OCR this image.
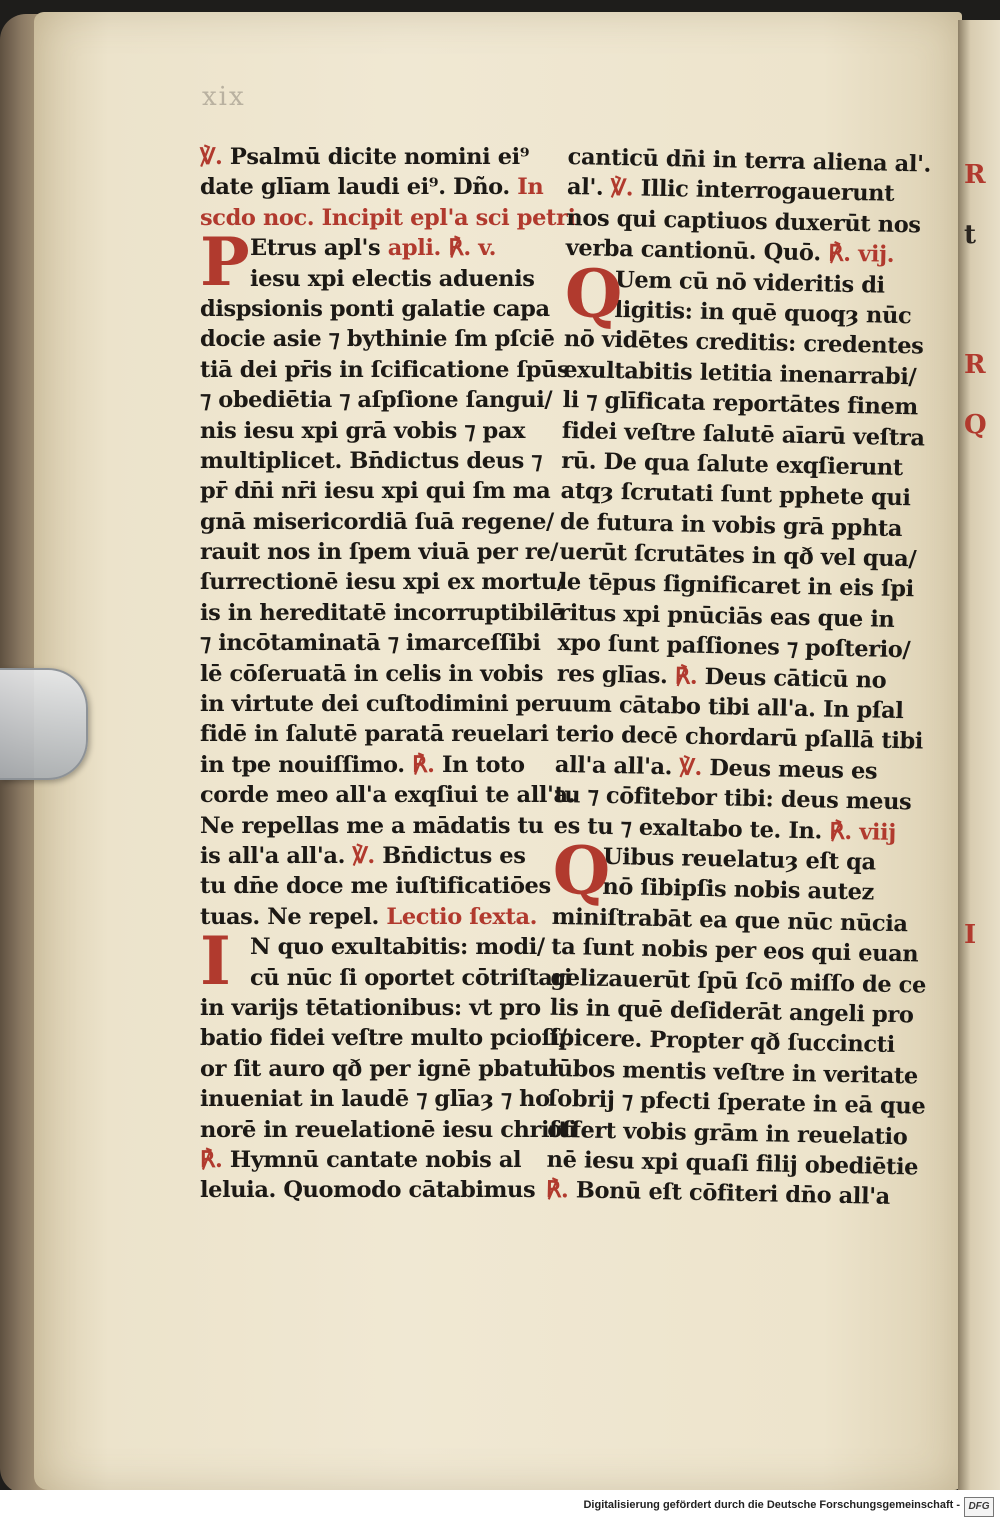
xix
℣. Psalmū dicite nomini ei⁹
date glīam laudi ei⁹. Dño. In
scdo noc. Incipit epl'a sci petri
P Etrus apl's apli. ℟. v.
iesu xpi electis aduenis
dispsionis ponti galatie capa
docie asie ⁊ bythinie ſm pſciē
tiā dei pr̄is in ſcificatione ſpūs
⁊ obediētia ⁊ aſpſione ſangui/
nis iesu xpi grā vobis ⁊ pax
multiplicet. Bn̄dictus deus ⁊
pr̄ dn̄i nr̄i iesu xpi qui ſm ma
gnā misericordiā ſuā regene/
rauit nos in ſpem viuā per re/
ſurrectionē iesu xpi ex mortu/
is in hereditatē incorruptibilē
⁊ incōtaminatā ⁊ imarceſſibi
lē cōſeruatā in celis in vobis
in virtute dei cuſtodimini per
fidē in ſalutē paratā reuelari
in tpe nouiſſimo. ℟. In toto
corde meo all'a exqſiui te all'a.
Ne repellas me a mādatis tu
is all'a all'a. ℣. Bn̄dictus es
tu dn̄e doce me iuſtificatiōes
tuas. Ne repel. Lectio ſexta.
I N quo exultabitis: modi/
cū nūc ſi oportet cōtriſtari
in varijs tētationibus: vt pro
batio fidei veſtre multo pcioſi/
or ſit auro qð per ignē pbatur
inueniat in laudē ⁊ glīaȝ ⁊ ho
norē in reuelationē iesu chriſti
℟. Hymnū cantate nobis al
leluia. Quomodo cātabimus
canticū dn̄i in terra aliena al'.
al'. ℣. Illic interrogauerunt
nos qui captiuos duxerūt nos
verba cantionū. Quō. ℟. vij.
Q
Uem cū nō videritis di
ligitis: in quē quoqȝ nūc
nō vidētes creditis: credentes
exultabitis letitia inenarrabi/
li ⁊ glīficata reportātes finem
fidei veſtre ſalutē aīarū veſtra
rū. De qua ſalute exqſierunt
atqȝ ſcrutati ſunt pphete qui
de futura in vobis grā pphta
uerūt ſcrutātes in qð vel qua/
le tēpus ſignificaret in eis ſpi
ritus xpi pnūciās eas que in
xpo ſunt paſſiones ⁊ poſterio/
res glīas. ℟. Deus cāticū no
uum cātabo tibi all'a. In pſal
terio decē chordarū pſallā tibi
all'a all'a. ℣. Deus meus es
tu ⁊ cōfitebor tibi: deus meus
es tu ⁊ exaltabo te. In. ℟. viij
Q
Uibus reuelatuȝ eſt qa
nō ſibipſis nobis autez
miniſtrabāt ea que nūc nūcia
ta ſunt nobis per eos qui euan
gelizauerūt ſpū ſcō miſſo de ce
lis in quē deſiderāt angeli pro
ſpicere. Propter qð ſuccincti
lūbos mentis veſtre in veritate
ſobrij ⁊ pfecti ſperate in eā que
offert vobis grām in reuelatio
nē iesu xpi quaſi filij obediētie
℟. Bonū eſt cōfiteri dn̄o all'a
R
t
R
Q
I
Digitalisierung gefördert durch die Deutsche Forschungsgemeinschaft - DFG
